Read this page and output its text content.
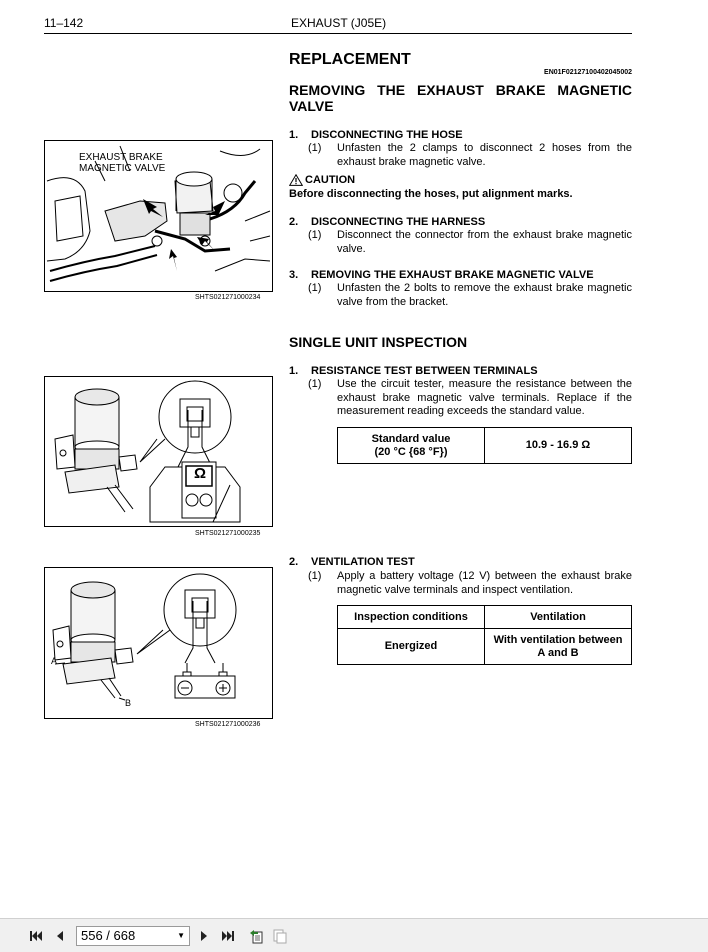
11–142	EXHAUST (J05E)
REPLACEMENT
EN01F02127100402045002
REMOVING THE EXHAUST BRAKE MAGNETIC VALVE
1. DISCONNECTING THE HOSE
(1) Unfasten the 2 clamps to disconnect 2 hoses from the exhaust brake magnetic valve.
CAUTION
Before disconnecting the hoses, put alignment marks.
2. DISCONNECTING THE HARNESS
(1) Disconnect the connector from the exhaust brake magnetic valve.
3. REMOVING THE EXHAUST BRAKE MAGNETIC VALVE
(1) Unfasten the 2 bolts to remove the exhaust brake magnetic valve from the bracket.
SINGLE UNIT INSPECTION
1. RESISTANCE TEST BETWEEN TERMINALS
(1) Use the circuit tester, measure the resistance between the exhaust brake magnetic valve terminals. Replace if the measurement reading exceeds the standard value.
Standard value
(20 °C {68 °F})
	10.9 - 16.9 Ω
2. VENTILATION TEST
(1) Apply a battery voltage (12 V) between the exhaust brake magnetic valve terminals and inspect ventilation.
Inspection conditions	Ventilation
Energized	With ventilation between
A and B
EXHAUST BRAKE
MAGNETIC VALVE
SHTS021271000234
Ω
SHTS021271000235
A
B
SHTS021271000236
556 / 668	▼
